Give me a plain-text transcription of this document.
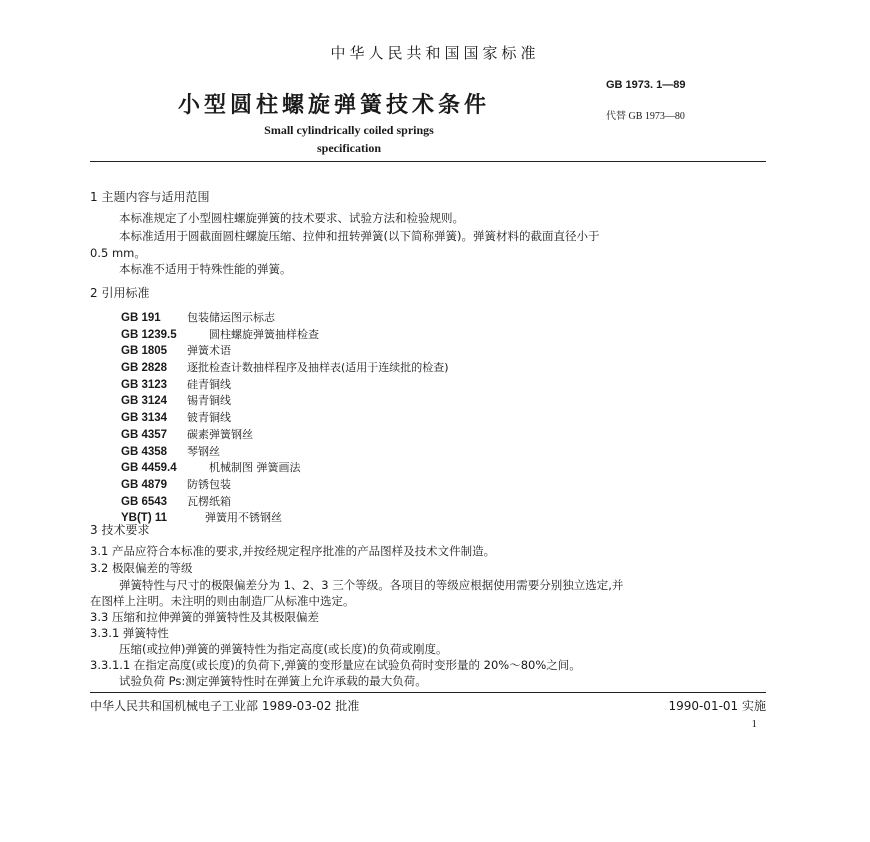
中华人民共和国国家标准
小型圆柱螺旋弹簧技术条件
GB 1973. 1—89
代替 GB 1973—80
Small cylindrically coiled springs
specification
1 主题内容与适用范围
本标准规定了小型圆柱螺旋弹簧的技术要求、试验方法和检验规则。
本标准适用于圆截面圆柱螺旋压缩、拉伸和扭转弹簧(以下简称弹簧)。弹簧材料的截面直径小于
0.5 mm。
本标准不适用于特殊性能的弹簧。
2 引用标准
GB 191 包装储运图示标志
GB 1239.5	圆柱螺旋弹簧抽样检查
GB 1805 弹簧术语
GB 2828 逐批检查计数抽样程序及抽样表(适用于连续批的检查)
GB 3123 硅青铜线
GB 3124 锡青铜线
GB 3134 铍青铜线
GB 4357 碳素弹簧钢丝
GB 4358 琴钢丝
GB 4459.4	机械制图 弹簧画法
GB 4879 防锈包装
GB 6543 瓦楞纸箱
YB(T) 11	弹簧用不锈钢丝
3 技术要求
3.1 产品应符合本标准的要求,并按经规定程序批准的产品图样及技术文件制造。
3.2 极限偏差的等级
弹簧特性与尺寸的极限偏差分为 1、2、3 三个等级。各项目的等级应根据使用需要分别独立选定,并
在图样上注明。未注明的则由制造厂从标准中选定。
3.3 压缩和拉伸弹簧的弹簧特性及其极限偏差
3.3.1 弹簧特性
压缩(或拉伸)弹簧的弹簧特性为指定高度(或长度)的负荷或刚度。
3.3.1.1 在指定高度(或长度)的负荷下,弹簧的变形量应在试验负荷时变形量的 20%～80%之间。
试验负荷 Ps:测定弹簧特性时在弹簧上允许承载的最大负荷。
中华人民共和国机械电子工业部 1989-03-02 批准	1990-01-01 实施
1
